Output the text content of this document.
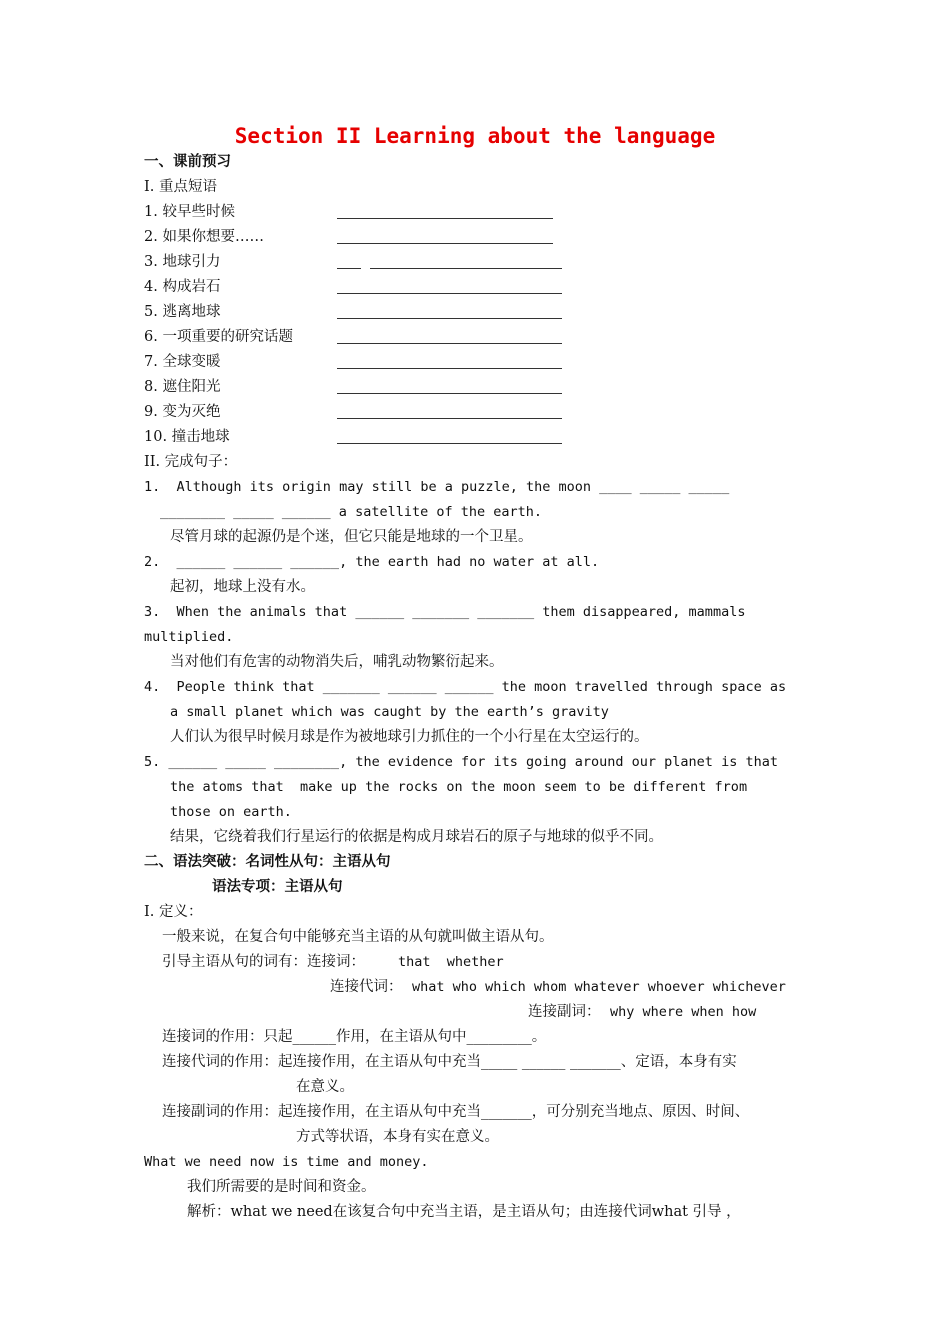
Section II Learning about the language
一、课前预习
I. 重点短语
1. 较早些时候
2. 如果你想要……
3. 地球引力
4. 构成岩石
5. 逃离地球
6. 一项重要的研究话题
7. 全球变暖
8. 遮住阳光
9. 变为灭绝
10. 撞击地球
II. 完成句子：
1.  Although its origin may still be a puzzle, the moon ____ _____ _____
________ _____ ______ a satellite of the earth.
尽管月球的起源仍是个迷，但它只能是地球的一个卫星。
2.  ______ ______ ______, the earth had no water at all.
起初，地球上没有水。
3.  When the animals that ______ _______ _______ them disappeared, mammals
multiplied.
当对他们有危害的动物消失后，哺乳动物繁衍起来。
4.  People think that _______ ______ ______ the moon travelled through space as
a small planet which was caught by the earth’s gravity
人们认为很早时候月球是作为被地球引力抓住的一个小行星在太空运行的。
5. ______ _____ ________, the evidence for its going around our planet is that
the atoms that  make up the rocks on the moon seem to be different from
those on earth.
结果，它绕着我们行星运行的依据是构成月球岩石的原子与地球的似乎不同。
二、语法突破：名词性从句：主语从句
语法专项：主语从句
I. 定义：
一般来说，在复合句中能够充当主语的从句就叫做主语从句。
引导主语从句的词有：连接词： that  whether
连接代词： what who which whom whatever whoever whichever
连接副词： why where when how
连接词的作用：只起______作用，在主语从句中_________。
连接代词的作用：起连接作用，在主语从句中充当_____ ______ _______、定语，本身有实
在意义。
连接副词的作用：起连接作用，在主语从句中充当_______，可分别充当地点、原因、时间、
方式等状语，本身有实在意义。
What we need now is time and money.
我们所需要的是时间和资金。
解析：what we need在该复合句中充当主语，是主语从句；由连接代词what 引导 ，
